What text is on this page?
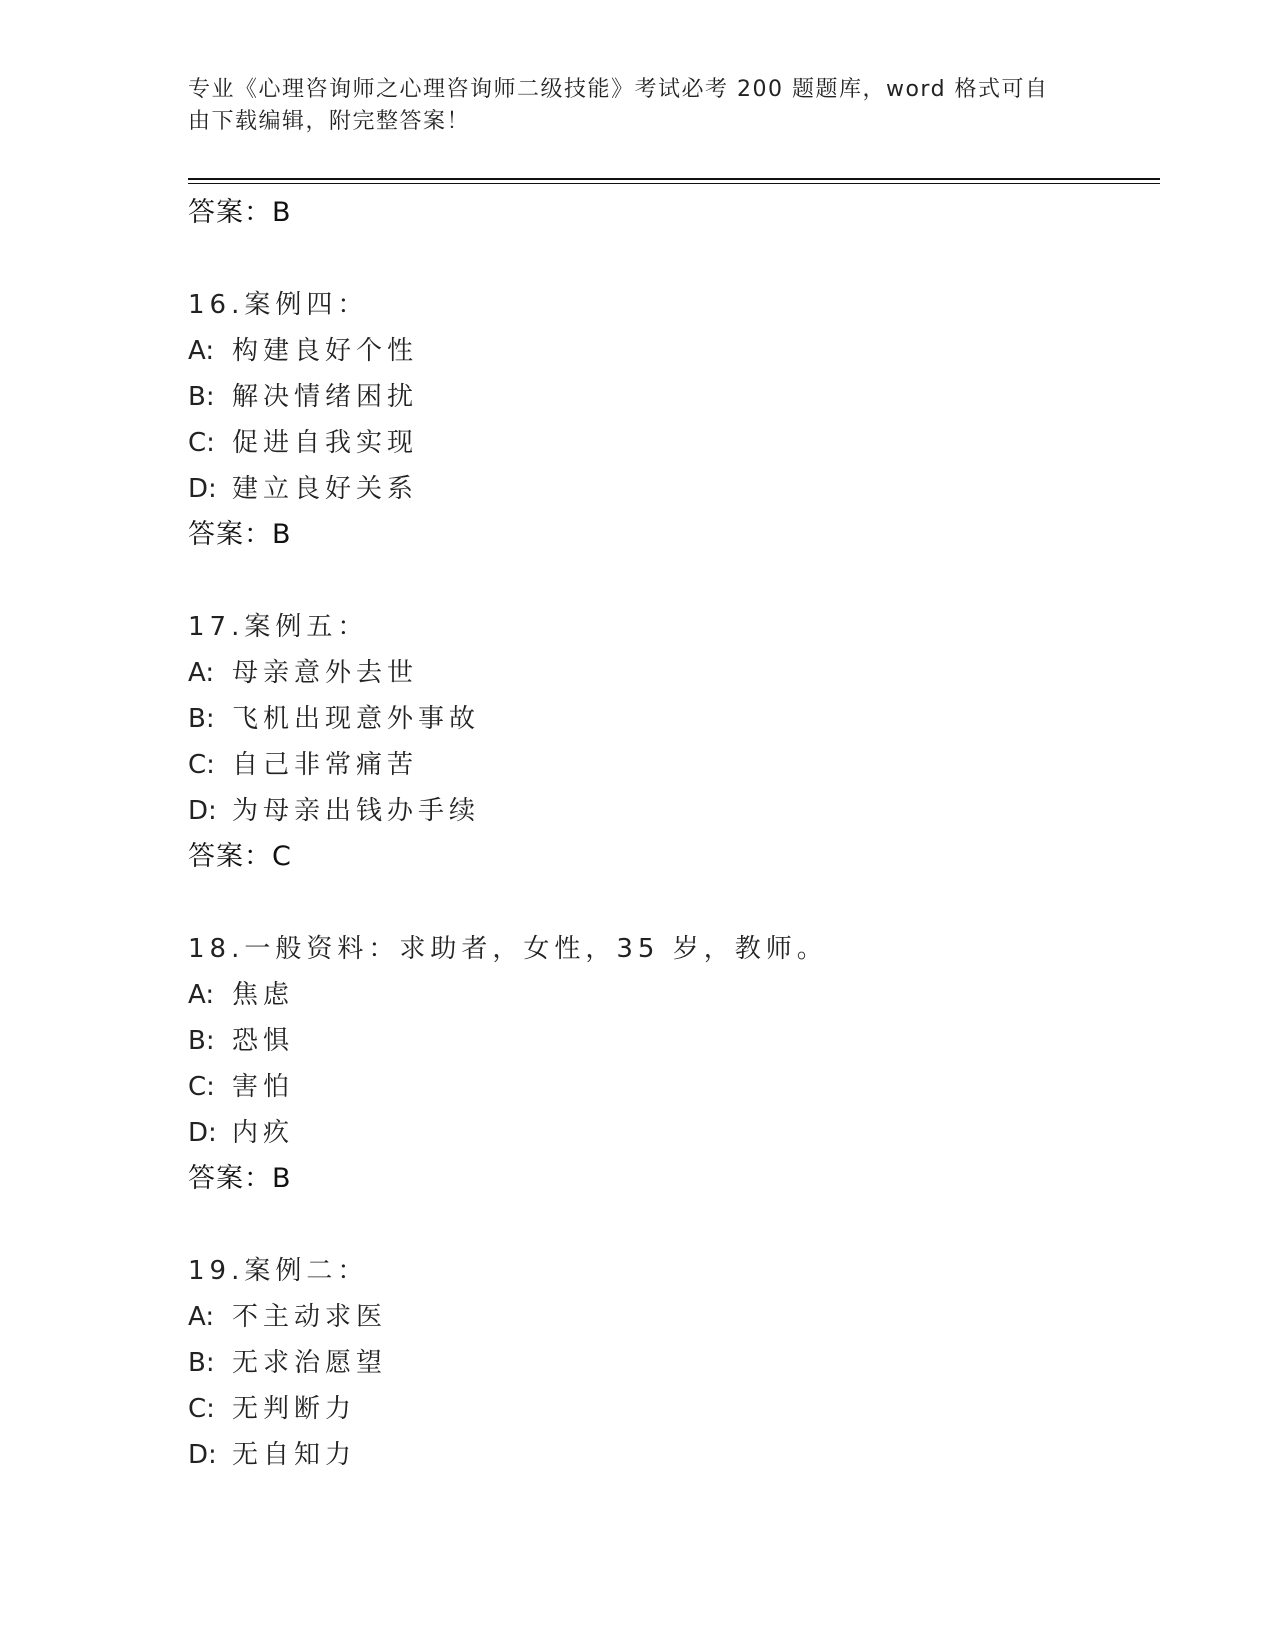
专业《心理咨询师之心理咨询师二级技能》考试必考 200 题题库，word 格式可自
由下载编辑，附完整答案！
答案：B
16.案例四：
A: 构建良好个性
B: 解决情绪困扰
C: 促进自我实现
D: 建立良好关系
答案：B
17.案例五：
A: 母亲意外去世
B: 飞机出现意外事故
C: 自己非常痛苦
D: 为母亲出钱办手续
答案：C
18.一般资料：求助者，女性，35 岁，教师。
A: 焦虑
B: 恐惧
C: 害怕
D: 内疚
答案：B
19.案例二：
A: 不主动求医
B: 无求治愿望
C: 无判断力
D: 无自知力
